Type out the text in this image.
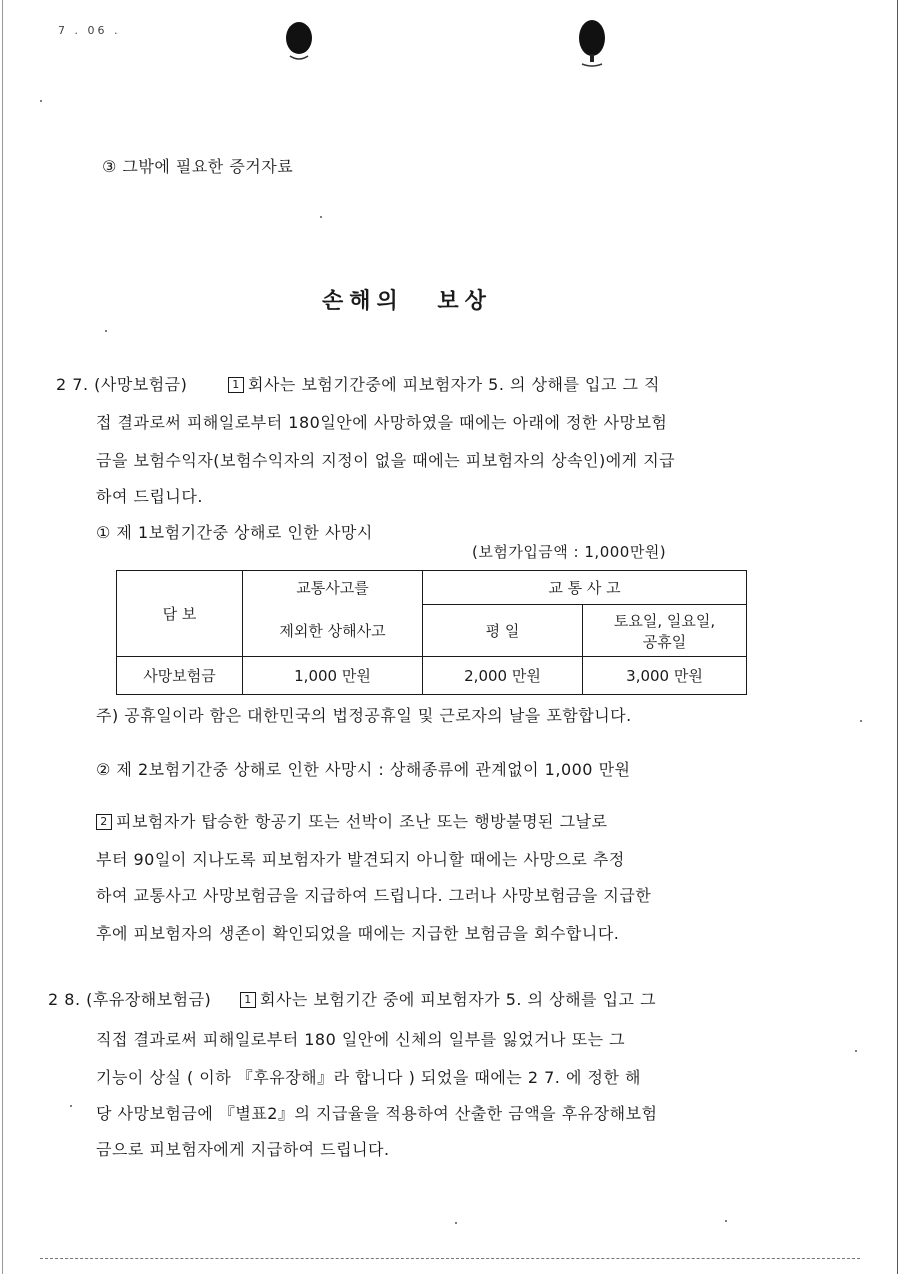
7 . 06 .
③ 그밖에 필요한 증거자료
손해의 보상
2 7. (사망보험금)	1 회사는 보험기간중에 피보험자가 5. 의 상해를 입고 그 직
접 결과로써 피해일로부터 180일안에 사망하였을 때에는 아래에 정한 사망보험
금을 보험수익자(보험수익자의 지정이 없을 때에는 피보험자의 상속인)에게 지급
하여 드립니다.
① 제 1보험기간중 상해로 인한 사망시
(보험가입금액 : 1,000만원)
담 보	교통사고를	교 통 사 고	
	제외한 상해사고	평 일	토요일, 일요일,
공휴일

사망보험금	1,000 만원	2,000 만원	3,000 만원
주) 공휴일이라 함은 대한민국의 법정공휴일 및 근로자의 날을 포함합니다.
② 제 2보험기간중 상해로 인한 사망시 : 상해종류에 관계없이 1,000 만원
2 피보험자가 탑승한 항공기 또는 선박이 조난 또는 행방불명된 그날로
부터 90일이 지나도록 피보험자가 발견되지 아니할 때에는 사망으로 추정
하여 교통사고 사망보험금을 지급하여 드립니다. 그러나 사망보험금을 지급한
후에 피보험자의 생존이 확인되었을 때에는 지급한 보험금을 회수합니다.
2 8. (후유장해보험금)	1 회사는 보험기간 중에 피보험자가 5. 의 상해를 입고 그
직접 결과로써 피해일로부터 180 일안에 신체의 일부를 잃었거나 또는 그
기능이 상실 ( 이하 『후유장해』라 합니다 ) 되었을 때에는 2 7. 에 정한 해
당 사망보험금에 『별표2』의 지급율을 적용하여 산출한 금액을 후유장해보험
금으로 피보험자에게 지급하여 드립니다.
